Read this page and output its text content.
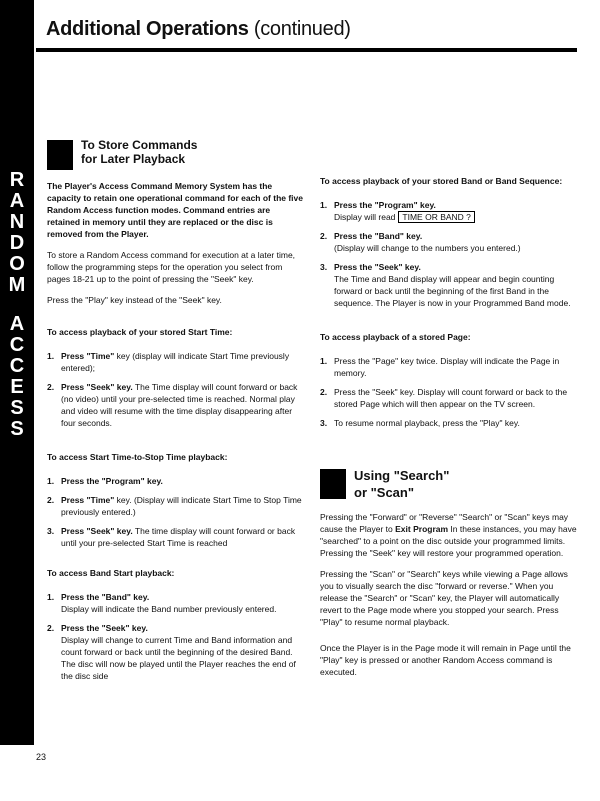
R
A
N
D
O
M
A
C
C
E
S
S
Additional Operations (continued)
To Store Commands
for Later Playback

The Player's Access Command Memory System has the capacity to retain one operational command for each of the five Random Access function modes. Command entries are retained in memory until they are replaced or the disc is removed from the Player.

To store a Random Access command for execution at a later time, follow the programming steps for the operation you select from pages 18-21 up to the point of pressing the "Seek" key.

Press the "Play" key instead of the "Seek" key.

To access playback of your stored Start Time:
1. Press "Time" key (display will indicate Start Time previously entered);
2. Press "Seek" key. The Time display will count forward or back (no video) until your pre-selected time is reached. Normal play and video will resume with the time display disappearing after four seconds.
To access Start Time-to-Stop Time playback:
1. Press the "Program" key.
2. Press "Time" key. (Display will indicate Start Time to Stop Time previously entered.)
3. Press "Seek" key. The time display will count forward or back until your pre-selected Start Time is reached
To access Band Start playback:
1. Press the "Band" key.
Display will indicate the Band number previously entered.
2. Press the "Seek" key.
Display will change to current Time and Band information and count forward or back until the beginning of the desired Band. The disc will now be played until the Player reaches the end of the disc side
To access playback of your stored Band or Band Sequence:
1. Press the "Program" key.
Display will read TIME OR BAND ?
2. Press the "Band" key.
(Display will change to the numbers you entered.)
3. Press the "Seek" key.
The Time and Band display will appear and begin counting forward or back until the beginning of the first Band in the sequence. The Player is now in your Programmed Band mode.
To access playback of a stored Page:
1. Press the "Page" key twice. Display will indicate the Page in memory.
2. Press the "Seek" key. Display will count forward or back to the stored Page which will then appear on the TV screen.
3. To resume normal playback, press the "Play" key.
Using "Search"
or "Scan"

Pressing the "Forward" or "Reverse" "Search" or "Scan" keys may cause the Player to Exit Program In these instances, you may have "searched" to a point on the disc outside your programmed limits. Pressing the "Seek" key will restore your programmed operation.

Pressing the "Scan" or "Search" keys while viewing a Page allows you to visually search the disc "forward or reverse." When you release the "Search" or "Scan" key, the Player will automatically revert to the Page mode where you stopped your search. Press "Play" to resume normal playback.

Once the Player is in the Page mode it will remain in Page until the "Play" key is pressed or another Random Access command is executed.

23
